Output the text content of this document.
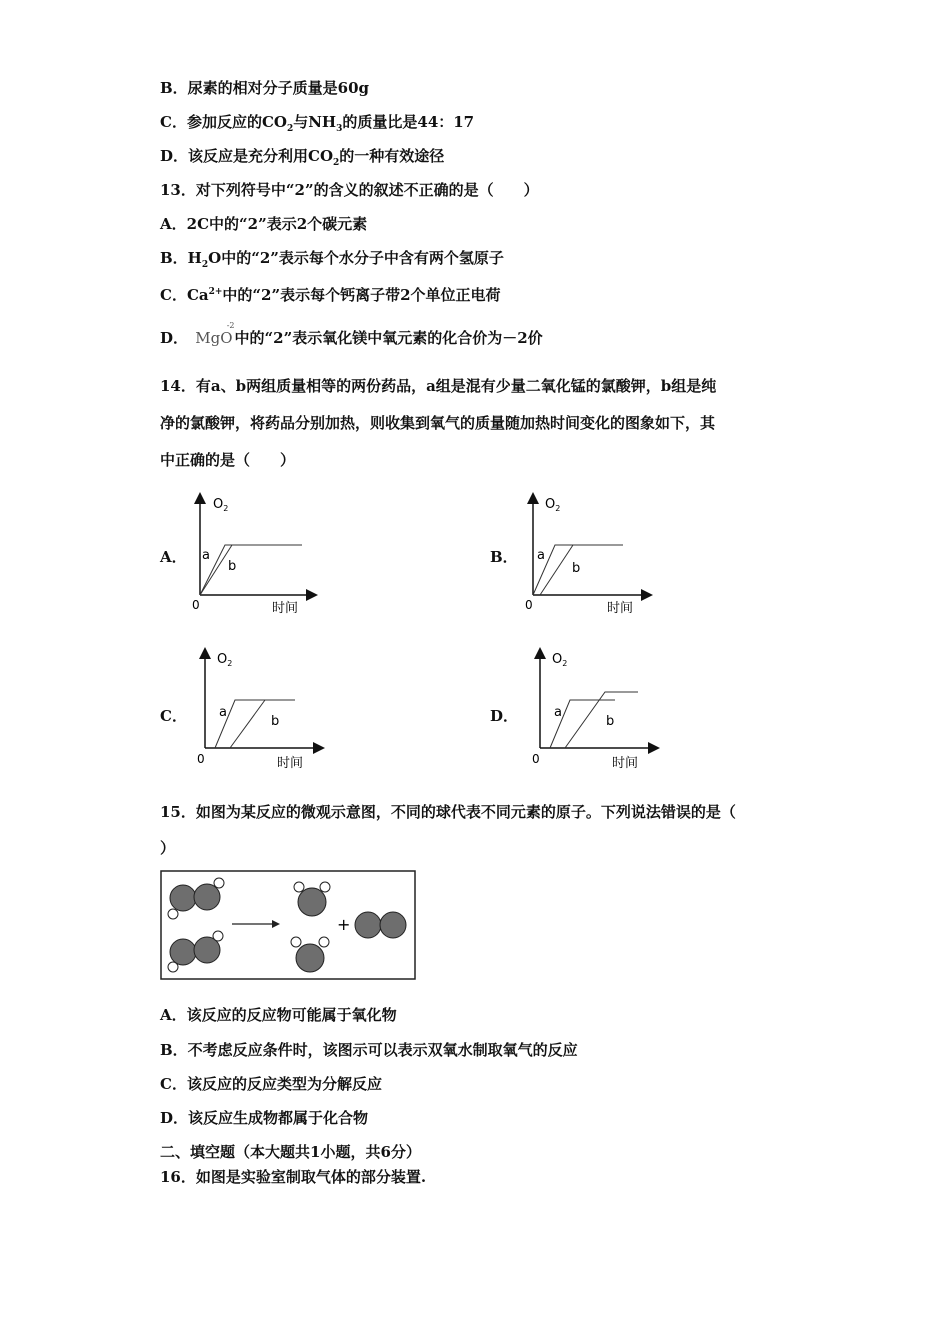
B．尿素的相对分子质量是60g
C．参加反应的$CO_2$与$NH_3$的质量比是44：17
D．该反应是充分利用$CO_2$的一种有效途径
13．对下列符号中“2”的含义的叙述不正确的是（　　）
A．2C中的“2”表示2个碳元素
B．$H_2O$中的“2”表示每个水分子中含有两个氢原子
C．$Ca^{2+}$中的“2”表示每个钙离子带2个单位正电荷
D． MgO
-2
中的“2”表示氧化镁中氧元素的化合价为－2价
14．有a、b两组质量相等的两份药品，a组是混有少量二氧化锰的氯酸钾，b组是纯
净的氯酸钾，将药品分别加热，则收集到氧气的质量随加热时间变化的图象如下，其
中正确的是（　　）
A．
$O_2$
a
b
0	时间
B．
$O_2$
a
b
0	时间
C．
$O_2$
a
b
0	时间
D．
$O_2$
a
b
0	时间
15．如图为某反应的微观示意图，不同的球代表不同元素的原子。下列说法错误的是（
）
+
A．该反应的反应物可能属于氧化物
B．不考虑反应条件时，该图示可以表示双氧水制取氧气的反应
C．该反应的反应类型为分解反应
D．该反应生成物都属于化合物
二、填空题（本大题共1小题，共6分）
16．如图是实验室制取气体的部分装置.
